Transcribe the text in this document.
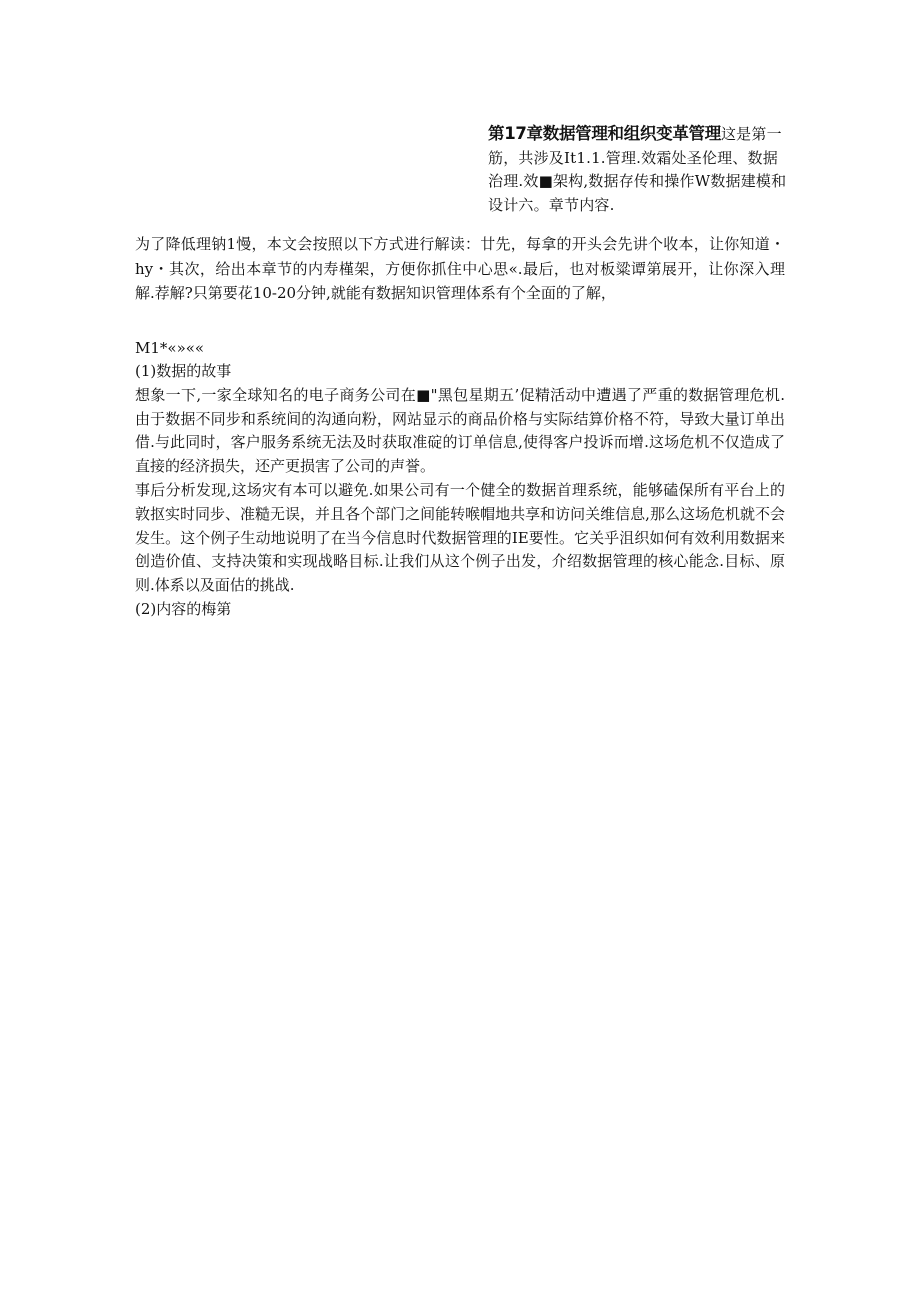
第17章数据管理和组织变革管理这是第一筋，共涉及It1.1.管理.效霜处圣伦理、数据治理.效■架构,数据存传和操作W数据建模和设计六。章节内容.

为了降低理钠1慢，本文会按照以下方式进行解读：廿先，每拿的开头会先讲个收本，让你知道・hy・其次，给出本章节的内寿槿架，方便你抓住中心思«.最后，也对板粱谭第展开，让你深入理解.荐解?只第要花10-20分钟,就能有数据知识管理体系有个全面的了解，

M1*«»««

(1)数据的故事

想象一下,一家全球知名的电子商务公司在■"黑包星期五’促精活动中遭遇了严重的数据管理危机.由于数据不同步和系统间的沟通向粉，网站显示的商品价格与实际结算价格不符，导致大量订单出借.与此同时，客户服务系统无法及时获取准碇的订单信息,使得客户投诉而增.这场危机不仅造成了直接的经济损失，还产更损害了公司的声誉。

事后分析发现,这场灾有本可以避免.如果公司有一个健全的数据首理系统，能够磕保所有平台上的敦抠实时同步、准糙无误，并且各个部门之间能转喉帽地共享和访问关维信息,那么这场危机就不会发生。这个例子生动地说明了在当今信息时代数据管理的IE要性。它关乎沮织如何有效利用数据来创造价值、支持决策和实现战略目标.让我们从这个例子出发，介绍数据管理的核心能念.目标、原则.体系以及面估的挑战.

(2)内容的梅第
